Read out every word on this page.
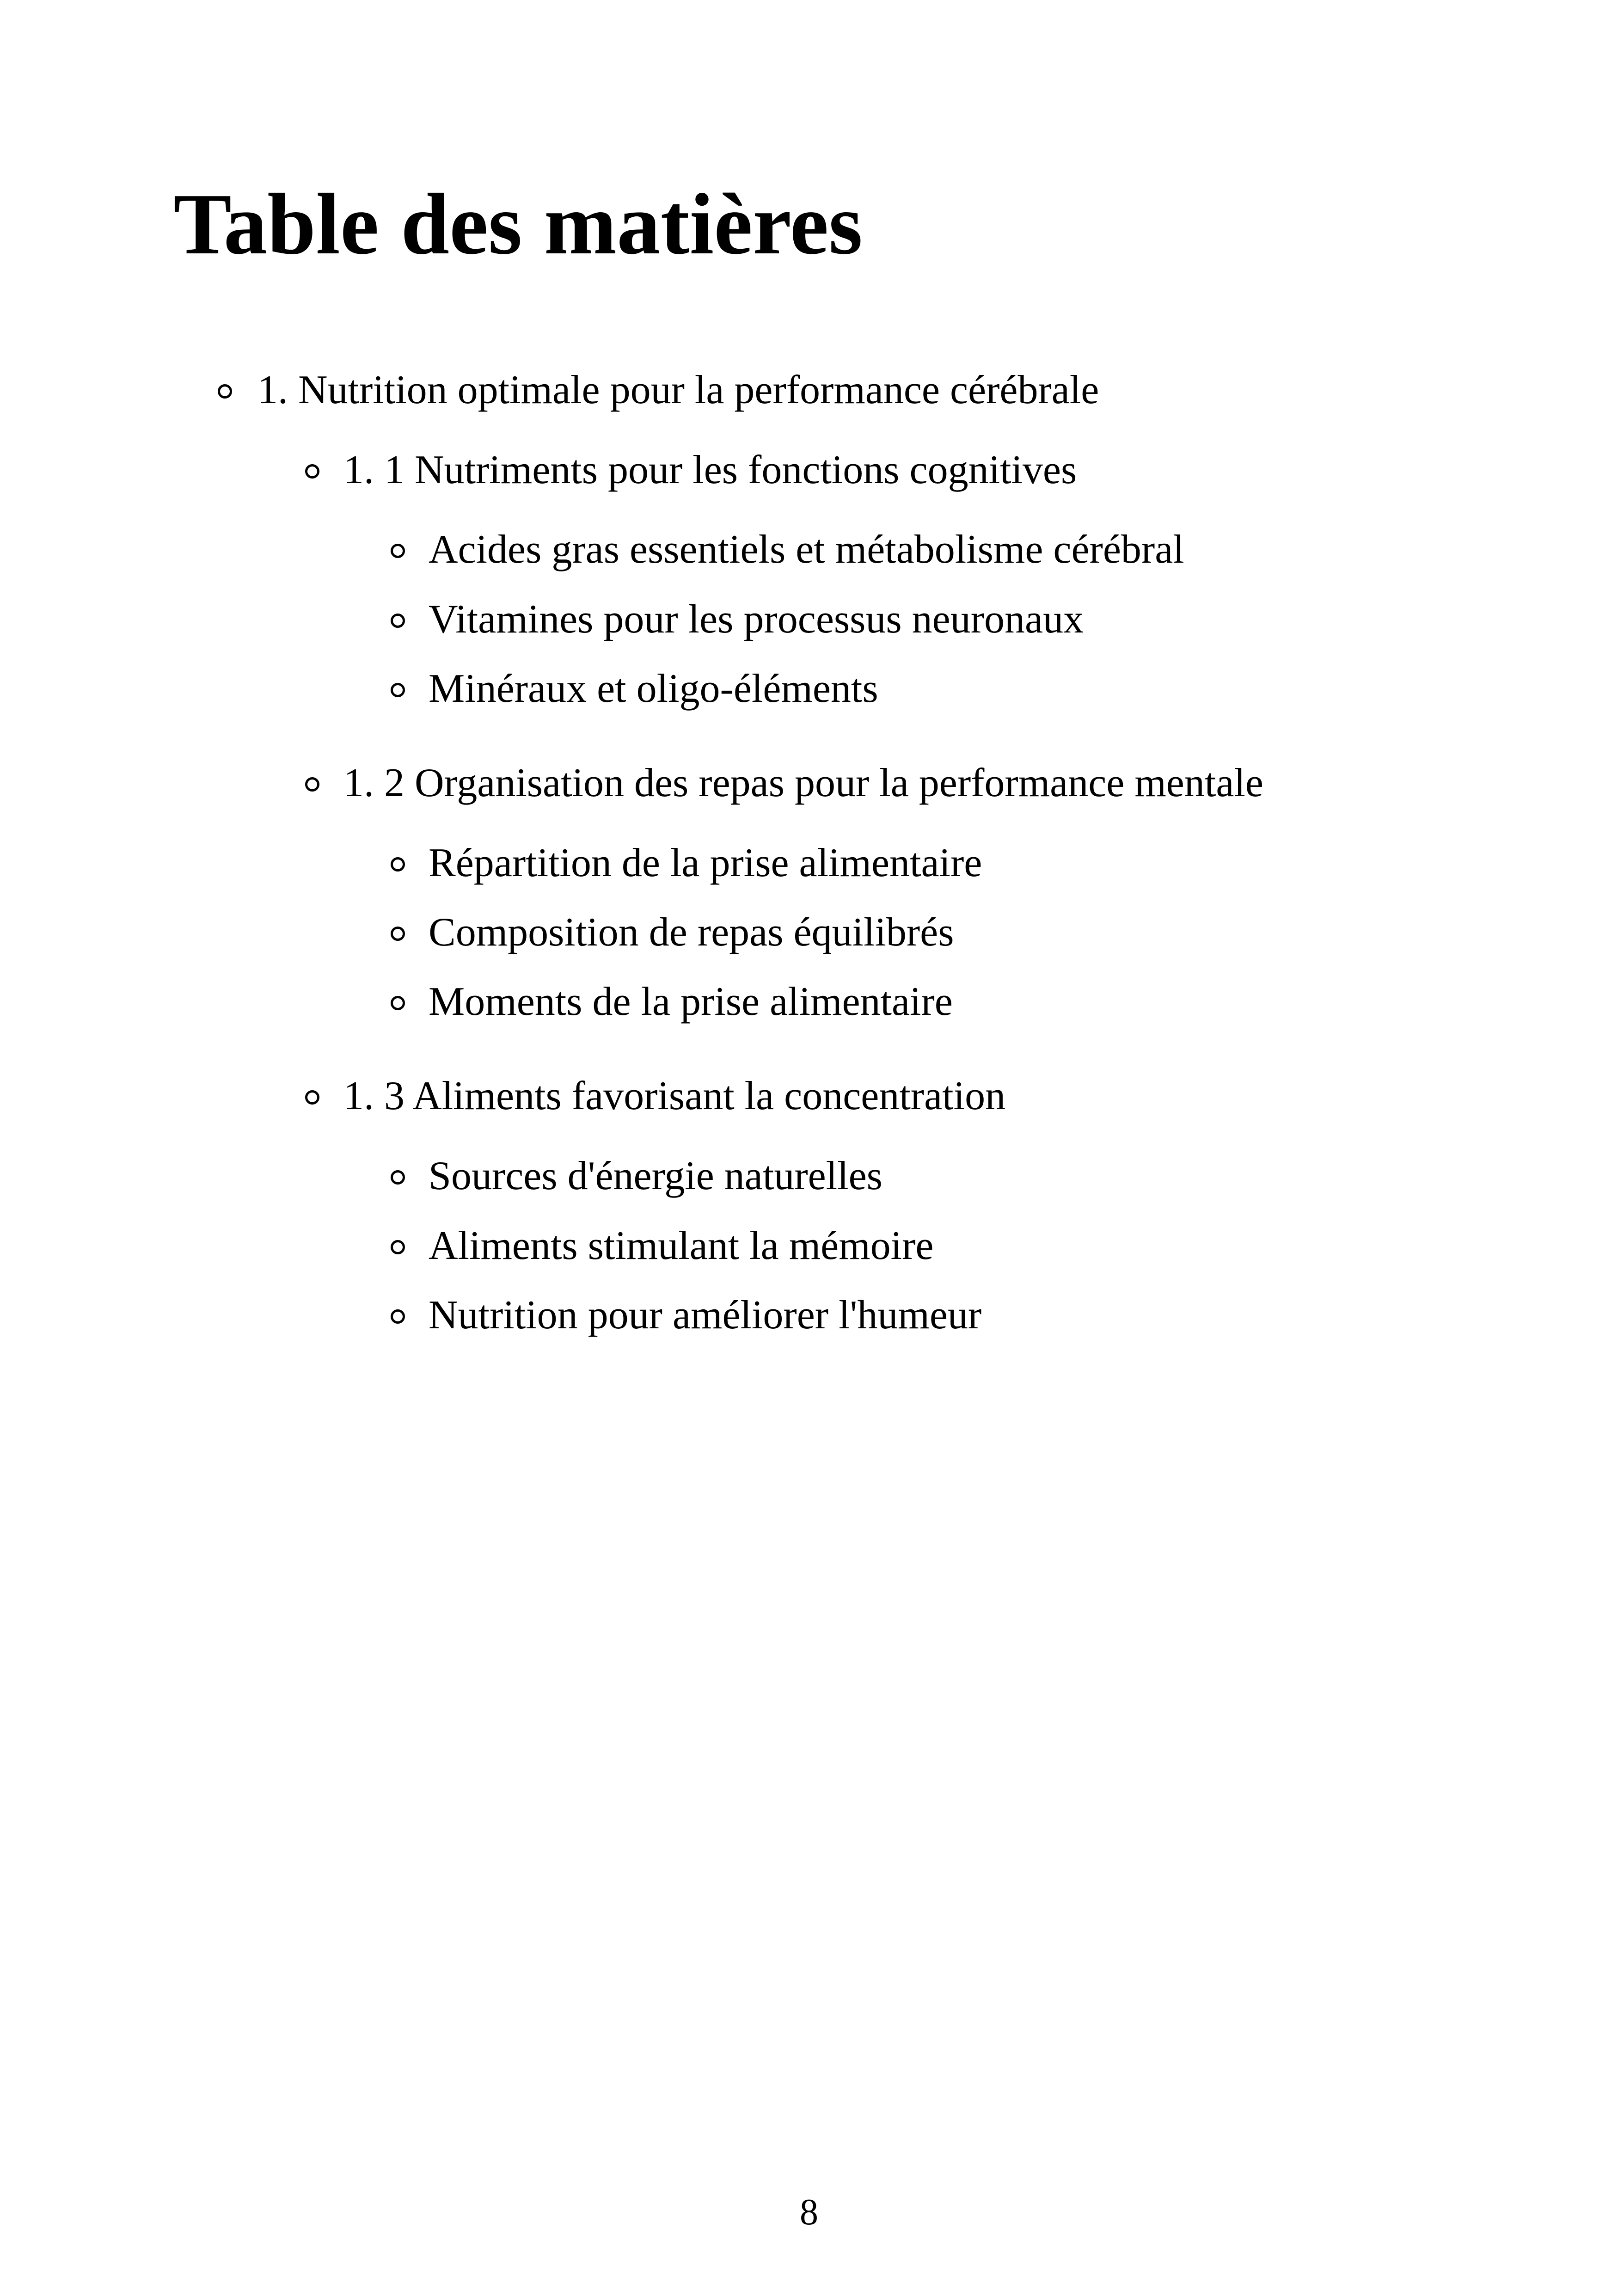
Table des matières
1. Nutrition optimale pour la performance cérébrale
1. 1 Nutriments pour les fonctions cognitives
Acides gras essentiels et métabolisme cérébral
Vitamines pour les processus neuronaux
Minéraux et oligo-éléments
1. 2 Organisation des repas pour la performance mentale
Répartition de la prise alimentaire
Composition de repas équilibrés
Moments de la prise alimentaire
1. 3 Aliments favorisant la concentration
Sources d'énergie naturelles
Aliments stimulant la mémoire
Nutrition pour améliorer l'humeur
8
